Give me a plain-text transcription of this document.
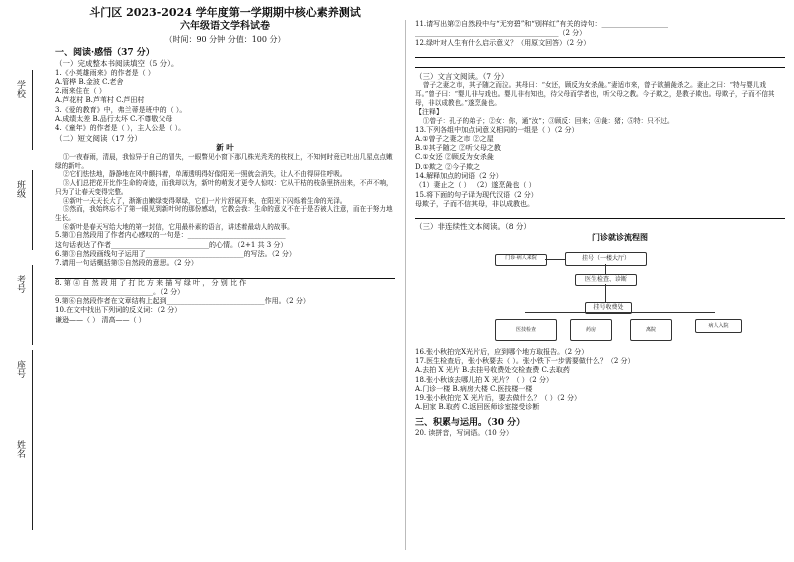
学校
班级
考号
座号
姓名
斗门区 2023-2024 学年度第一学期期中核心素养测试
六年级语文学科试卷
（时间：90 分钟 分值：100 分）
一、阅读·感悟（37 分）
（一）完成整本书阅读填空（5 分）。
1.《小英雄雨来》的作者是（ ）
A.管桦 B.金波 C.老舍
2.雨来住在（ ）
A.芦花村 B.芦苇村 C.芦田村
3.《爱的教育》中，弗兰蒂是班中的（ ）。
A.成绩太差 B.品行太坏 C.不尊敬父母
4.《童年》的作者是（ ），主人公是（ ）。
（二）短文阅读（17 分）
新 叶
①一夜春雨，清晨，我惊异于自己的冒失，一眼瞥见小窗下那几株光秃秃的枝杈上，不知何时竟已吐出几星点点嫩绿的新叶。
②它们怯怯地，静静地在风中颤抖着，单薄透明得好像阳光一照就会消失，让人不由得屏住呼吸。
③人们总把花开比作生命的奇迹，而我却以为，新叶的萌发才更令人惊叹：它从干枯的枝条里挤出来，不声不响，只为了让春天变得完整。
④新叶一天天长大了，渐渐由嫩绿变得翠绿，它们一片片舒展开来，在阳光下闪烁着生命的光泽。
⑤然而，我始终忘不了第一眼见到新叶时的那份感动，它教会我：生命的意义不在于是否被人注意，而在于努力地生长。
⑥新叶是春天写给大地的第一封信，它用最朴素的语言，讲述着最动人的故事。
5.第①自然段用了作者内心感叹的一句是：____________________________
这句话表达了作者____________________________的心情。（2+1 共 3 分）
6.第③自然段画线句子运用了____________________________的写法。（2 分）
7.请用一句话概括第⑤自然段的意思。（2 分）
8. 第 ④ 自 然 段 用 了 打 比 方 来 描 写 绿 叶 ， 分 别 比 作
____________________________。（2 分）
9.第⑥自然段作者在文章结构上起到____________________________作用。（2 分）
10.在文中找出下列词的反义词：（2 分）
谦逊——（ ） 清高——（ ）
11.请写出第②自然段中与“无穷碧”和“别样红”有关的诗句：___________________
_________________________________________（2 分）
12.绿叶对人生有什么启示意义？（用原文回答）（2 分）
（三）文言文阅读。（7 分）
曾子之妻之市，其子随之而泣。其母曰：“女还，顾反为女杀彘。”妻适市来，曾子欲捕彘杀之。妻止之曰：“特与婴儿戏耳。”曾子曰：“婴儿非与戏也。婴儿非有知也，待父母而学者也，听父母之教。今子欺之，是教子欺也。母欺子，子而不信其母，非以成教也。”遂烹彘也。
【注释】
①曾子：孔子的弟子；②女：你，通“汝”；③顾反：回来；④彘：猪；⑤特：只不过。
13.下列各组中加点词意义相同的一组是（ ）（2 分）
A.①曾子之妻之市 ②之屋
B.①其子随之 ②听父母之教
C.①女还 ②顾反为女杀彘
D.①欺之 ②今子欺之
14.解释加点的词语（2 分）
（1）妻止之（ ） （2）遂烹彘也（ ）
15.将下面的句子译为现代汉语（2 分）
母欺子，子而不信其母，非以成教也。
（三）非连续性文本阅读。（8 分）
门诊就诊流程图
门诊·病人来院	挂号（一楼大厅）
医生检查、诊断
挂号收费处
医技检查	药房	离院
病人入院
16.张小秋拍完X光片后，应到哪个地方取报告。（2 分）
17.医生检查后，张小秋要去（ ）。张小铁下一步需要做什么？（2 分）
A.去拍 X 光片 B.去挂号收费处交检查费 C.去取药
18.张小秋该去哪儿拍 X 光片？（ ）（2 分）
A.门诊一楼 B.病房大楼 C.医技楼一楼
19.张小秋拍完 X 光片后，要去做什么？（ ）（2 分）
A.回家 B.取药 C.返回医师诊室接受诊断
三、积累与运用。（30 分）
20. 读拼音，写词语。（10 分）
